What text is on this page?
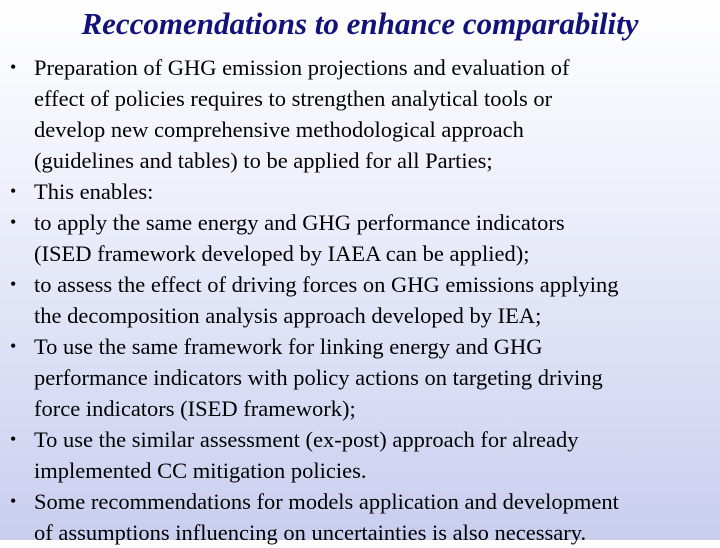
Reccomendations to enhance comparability
• Preparation of GHG emission projections and evaluation of
effect of policies requires to strengthen analytical tools or
develop new comprehensive methodological approach
(guidelines and tables) to be applied for all Parties;
• This enables:
• to apply the same energy and GHG performance indicators
(ISED framework developed by IAEA can be applied);
• to assess the effect of driving forces on GHG emissions applying
the decomposition analysis approach developed by IEA;
• To use the same framework for linking energy and GHG
performance indicators with policy actions on targeting driving
force indicators (ISED framework);
• To use the similar assessment (ex-post) approach for already
implemented CC mitigation policies.
• Some recommendations for models application and development
of assumptions influencing on uncertainties is also necessary.
